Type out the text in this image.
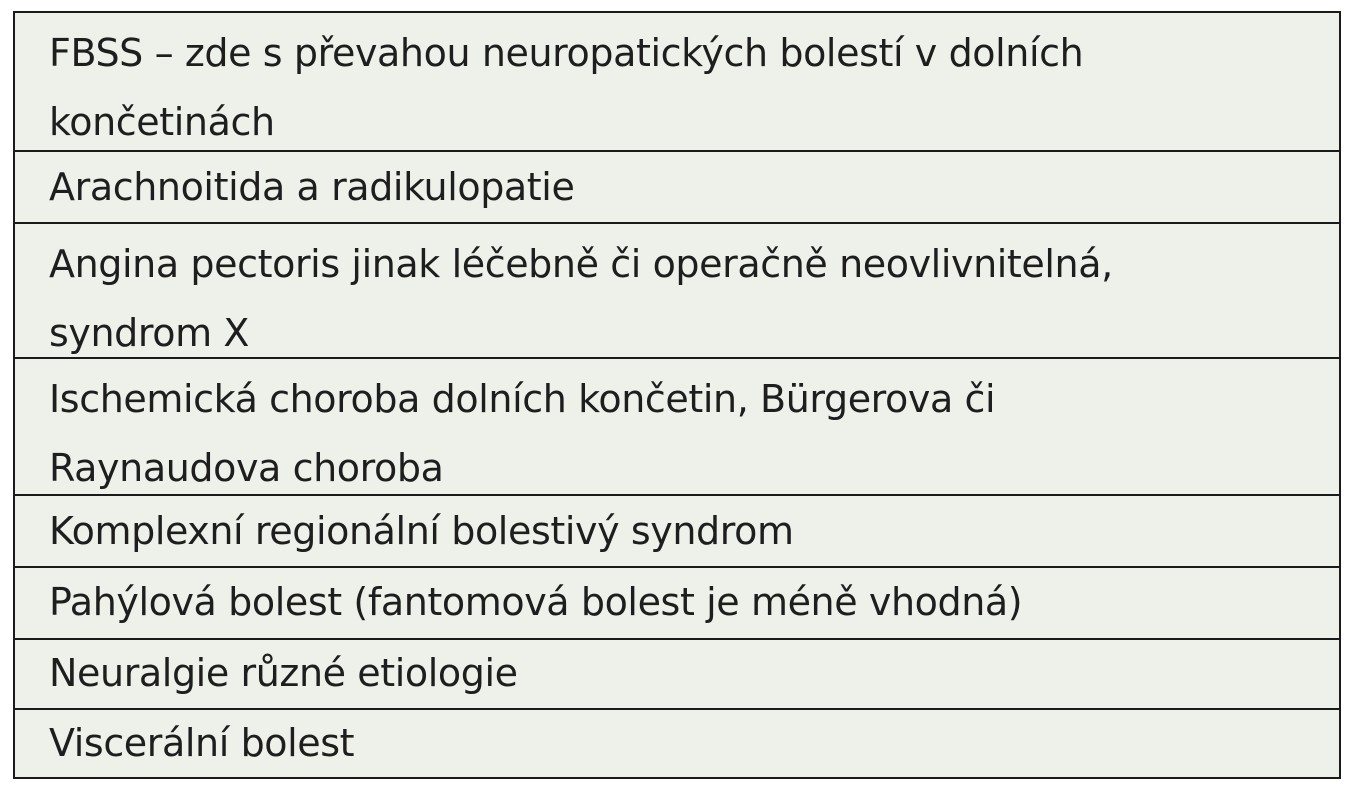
FBSS – zde s převahou neuropatických bolestí v dolních
končetinách
Arachnoitida a radikulopatie
Angina pectoris jinak léčebně či operačně neovlivnitelná,
syndrom X
Ischemická choroba dolních končetin, Bürgerova či
Raynaudova choroba
Komplexní regionální bolestivý syndrom
Pahýlová bolest (fantomová bolest je méně vhodná)
Neuralgie různé etiologie
Viscerální bolest
